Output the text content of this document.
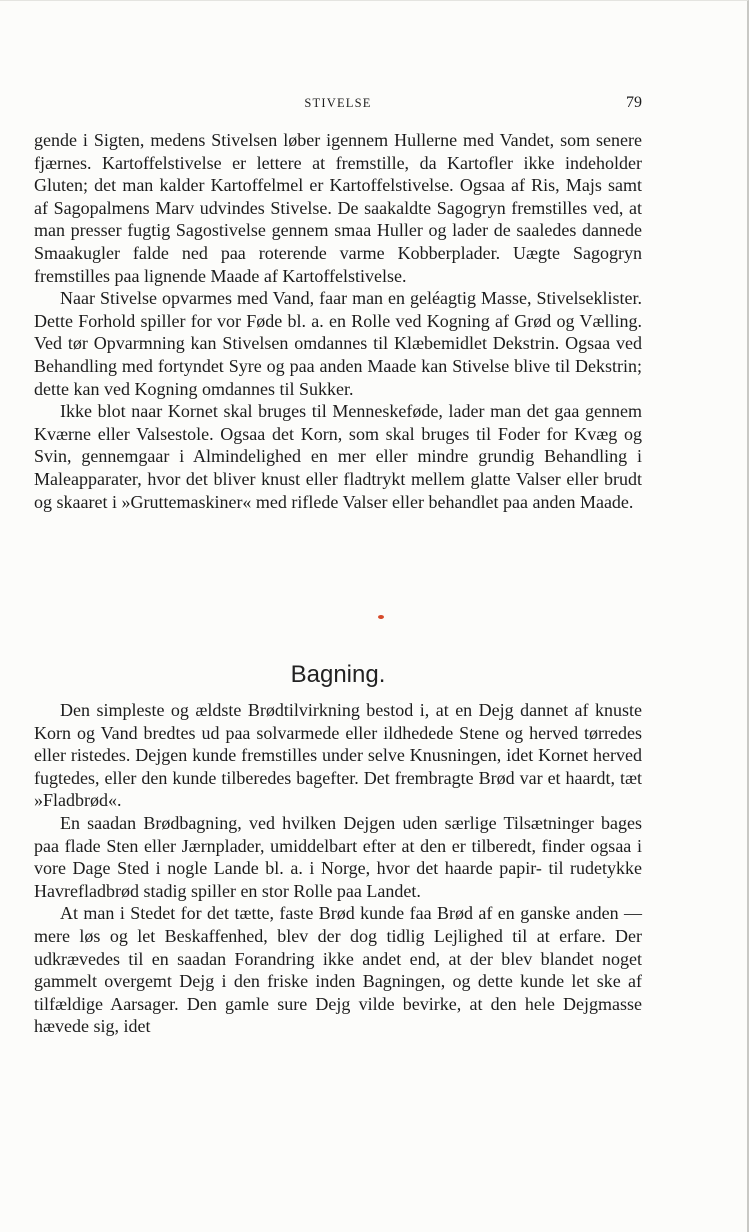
STIVELSE	79

gende i Sigten, medens Stivelsen løber igennem Hullerne med Vandet, som senere fjærnes. Kartoffelstivelse er lettere at fremstille, da Kartofler ikke indeholder Gluten; det man kalder Kartoffelmel er Kartoffelstivelse. Ogsaa af Ris, Majs samt af Sagopalmens Marv udvindes Stivelse. De saakaldte Sagogryn fremstilles ved, at man presser fugtig Sagostivelse gennem smaa Huller og lader de saaledes dannede Smaakugler falde ned paa roterende varme Kobberplader. Uægte Sagogryn fremstilles paa lignende Maade af Kartoffelstivelse.

Naar Stivelse opvarmes med Vand, faar man en geléagtig Masse, Stivelseklister. Dette Forhold spiller for vor Føde bl. a. en Rolle ved Kogning af Grød og Vælling. Ved tør Opvarmning kan Stivelsen omdannes til Klæbemidlet Dekstrin. Ogsaa ved Behandling med fortyndet Syre og paa anden Maade kan Stivelse blive til Dekstrin; dette kan ved Kogning omdannes til Sukker.

Ikke blot naar Kornet skal bruges til Menneskeføde, lader man det gaa gennem Kværne eller Valsestole. Ogsaa det Korn, som skal bruges til Foder for Kvæg og Svin, gennemgaar i Almindelighed en mer eller mindre grundig Behandling i Maleapparater, hvor det bliver knust eller fladtrykt mellem glatte Valser eller brudt og skaaret i »Gruttemaskiner« med riflede Valser eller behandlet paa anden Maade.

Bagning.

Den simpleste og ældste Brødtilvirkning bestod i, at en Dejg dannet af knuste Korn og Vand bredtes ud paa solvarmede eller ildhedede Stene og herved tørredes eller ristedes. Dejgen kunde fremstilles under selve Knusningen, idet Kornet herved fugtedes, eller den kunde tilberedes bagefter. Det frembragte Brød var et haardt, tæt »Fladbrød«.

En saadan Brødbagning, ved hvilken Dejgen uden særlige Tilsætninger bages paa flade Sten eller Jærnplader, umiddelbart efter at den er tilberedt, finder ogsaa i vore Dage Sted i nogle Lande bl. a. i Norge, hvor det haarde papir- til rudetykke Havrefladbrød stadig spiller en stor Rolle paa Landet.

At man i Stedet for det tætte, faste Brød kunde faa Brød af en ganske anden — mere løs og let Beskaffenhed, blev der dog tidlig Lejlighed til at erfare. Der udkrævedes til en saadan Forandring ikke andet end, at der blev blandet noget gammelt overgemt Dejg i den friske inden Bagningen, og dette kunde let ske af tilfældige Aarsager. Den gamle sure Dejg vilde bevirke, at den hele Dejgmasse hævede sig, idet
